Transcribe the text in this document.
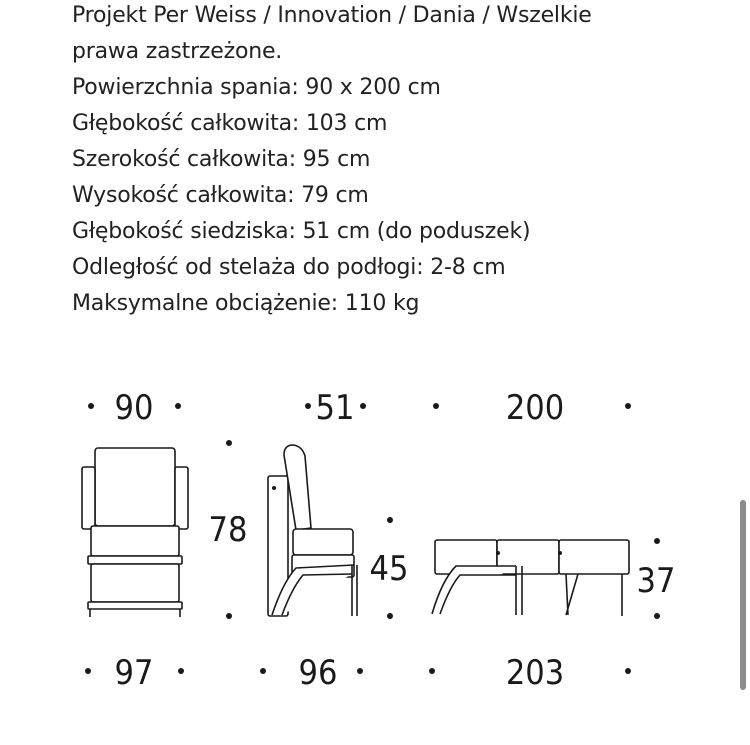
Projekt Per Weiss / Innovation / Dania / Wszelkie
prawa zastrzeżone.
Powierzchnia spania: 90 x 200 cm
Głębokość całkowita: 103 cm
Szerokość całkowita: 95 cm
Wysokość całkowita: 79 cm
Głębokość siedziska: 51 cm (do poduszek)
Odległość od stelaża do podłogi: 2-8 cm
Maksymalne obciążenie: 110 kg
90	51	200
78
45	37
97	96	203
